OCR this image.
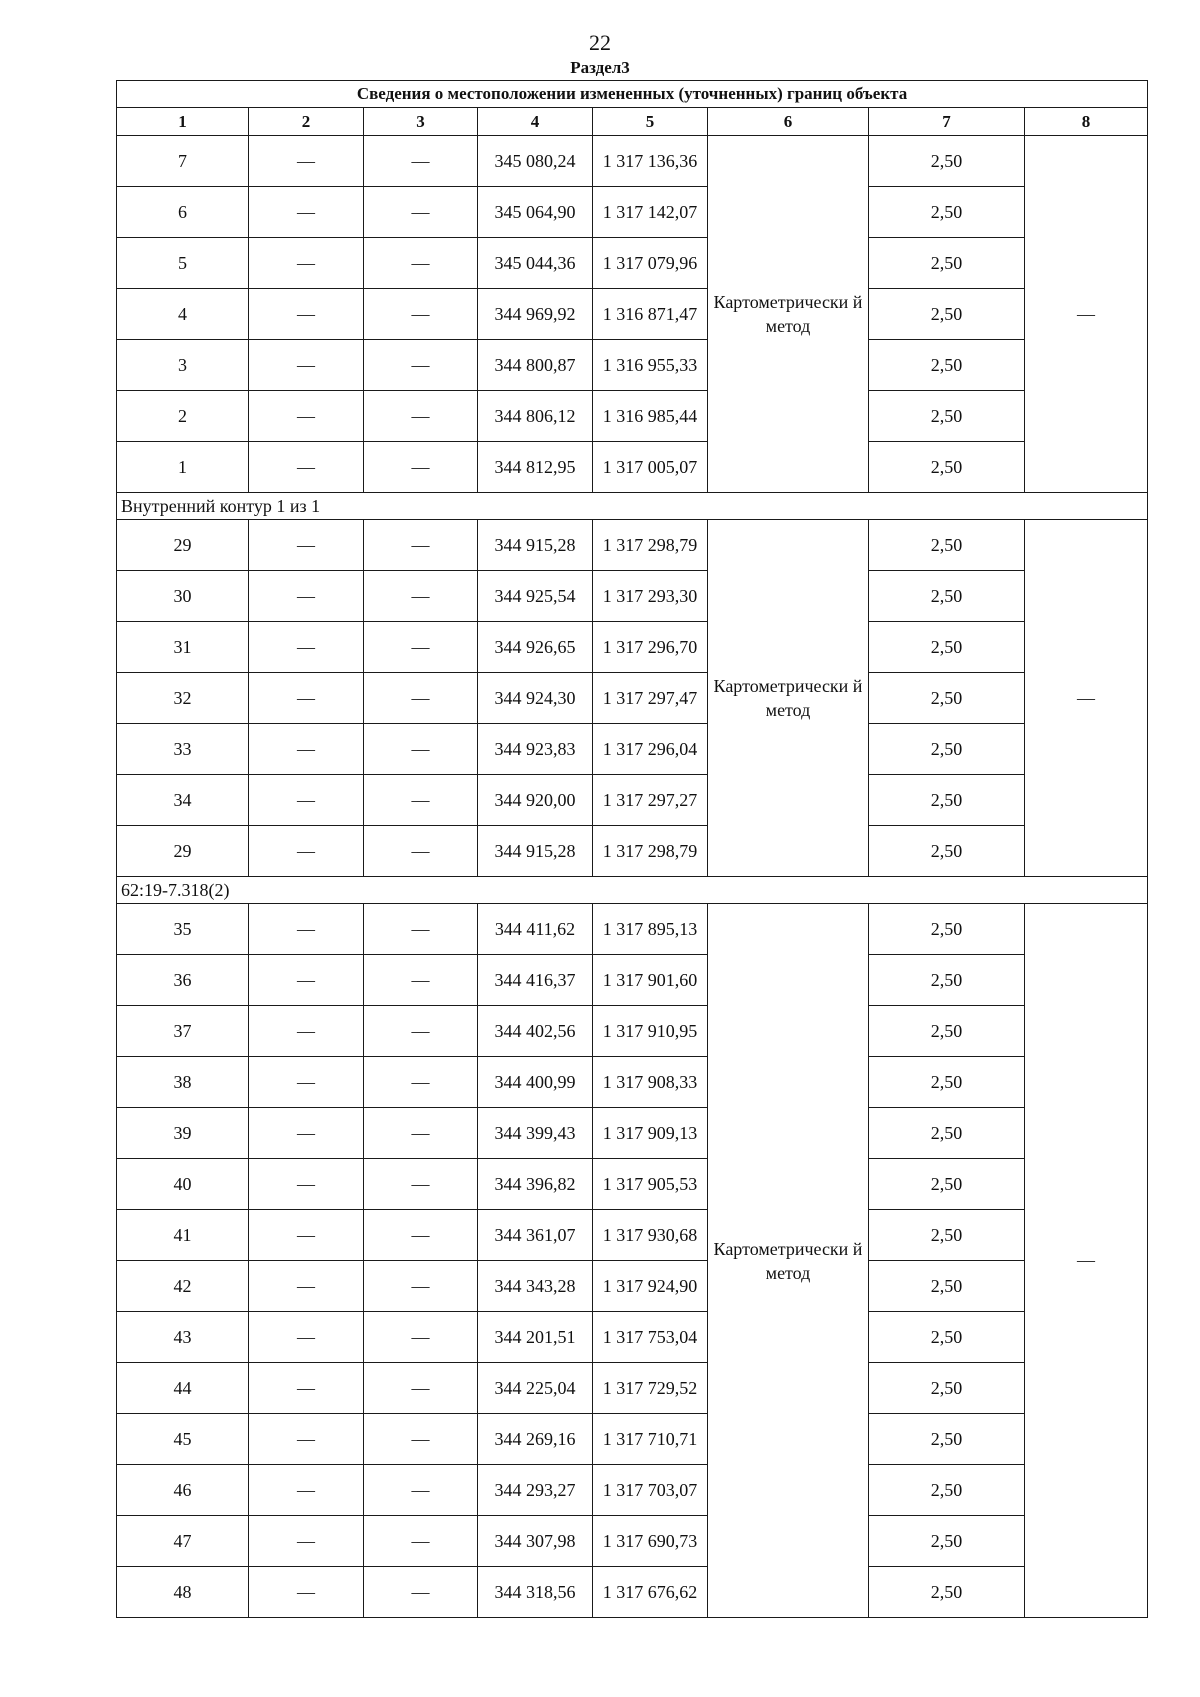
22
Раздел3
Сведения о местоположении измененных (уточненных) границ объекта							
1	2	3	4	5	6	7	8
7	—	—	345 080,24	1 317 136,36	Картометрически й метод	2,50	—
6	—	—	345 064,90	1 317 142,07		2,50	
5	—	—	345 044,36	1 317 079,96		2,50	
4	—	—	344 969,92	1 316 871,47		2,50	
3	—	—	344 800,87	1 316 955,33		2,50	
2	—	—	344 806,12	1 316 985,44		2,50	
1	—	—	344 812,95	1 317 005,07		2,50	
Внутренний контур 1 из 1							
29	—	—	344 915,28	1 317 298,79	Картометрически й метод	2,50	—
30	—	—	344 925,54	1 317 293,30		2,50	
31	—	—	344 926,65	1 317 296,70		2,50	
32	—	—	344 924,30	1 317 297,47		2,50	
33	—	—	344 923,83	1 317 296,04		2,50	
34	—	—	344 920,00	1 317 297,27		2,50	
29	—	—	344 915,28	1 317 298,79		2,50	
62:19-7.318(2)							
35	—	—	344 411,62	1 317 895,13	Картометрически й метод	2,50	—
36	—	—	344 416,37	1 317 901,60		2,50	
37	—	—	344 402,56	1 317 910,95		2,50	
38	—	—	344 400,99	1 317 908,33		2,50	
39	—	—	344 399,43	1 317 909,13		2,50	
40	—	—	344 396,82	1 317 905,53		2,50	
41	—	—	344 361,07	1 317 930,68		2,50	
42	—	—	344 343,28	1 317 924,90		2,50	
43	—	—	344 201,51	1 317 753,04		2,50	
44	—	—	344 225,04	1 317 729,52		2,50	
45	—	—	344 269,16	1 317 710,71		2,50	
46	—	—	344 293,27	1 317 703,07		2,50	
47	—	—	344 307,98	1 317 690,73		2,50	
48	—	—	344 318,56	1 317 676,62		2,50	
